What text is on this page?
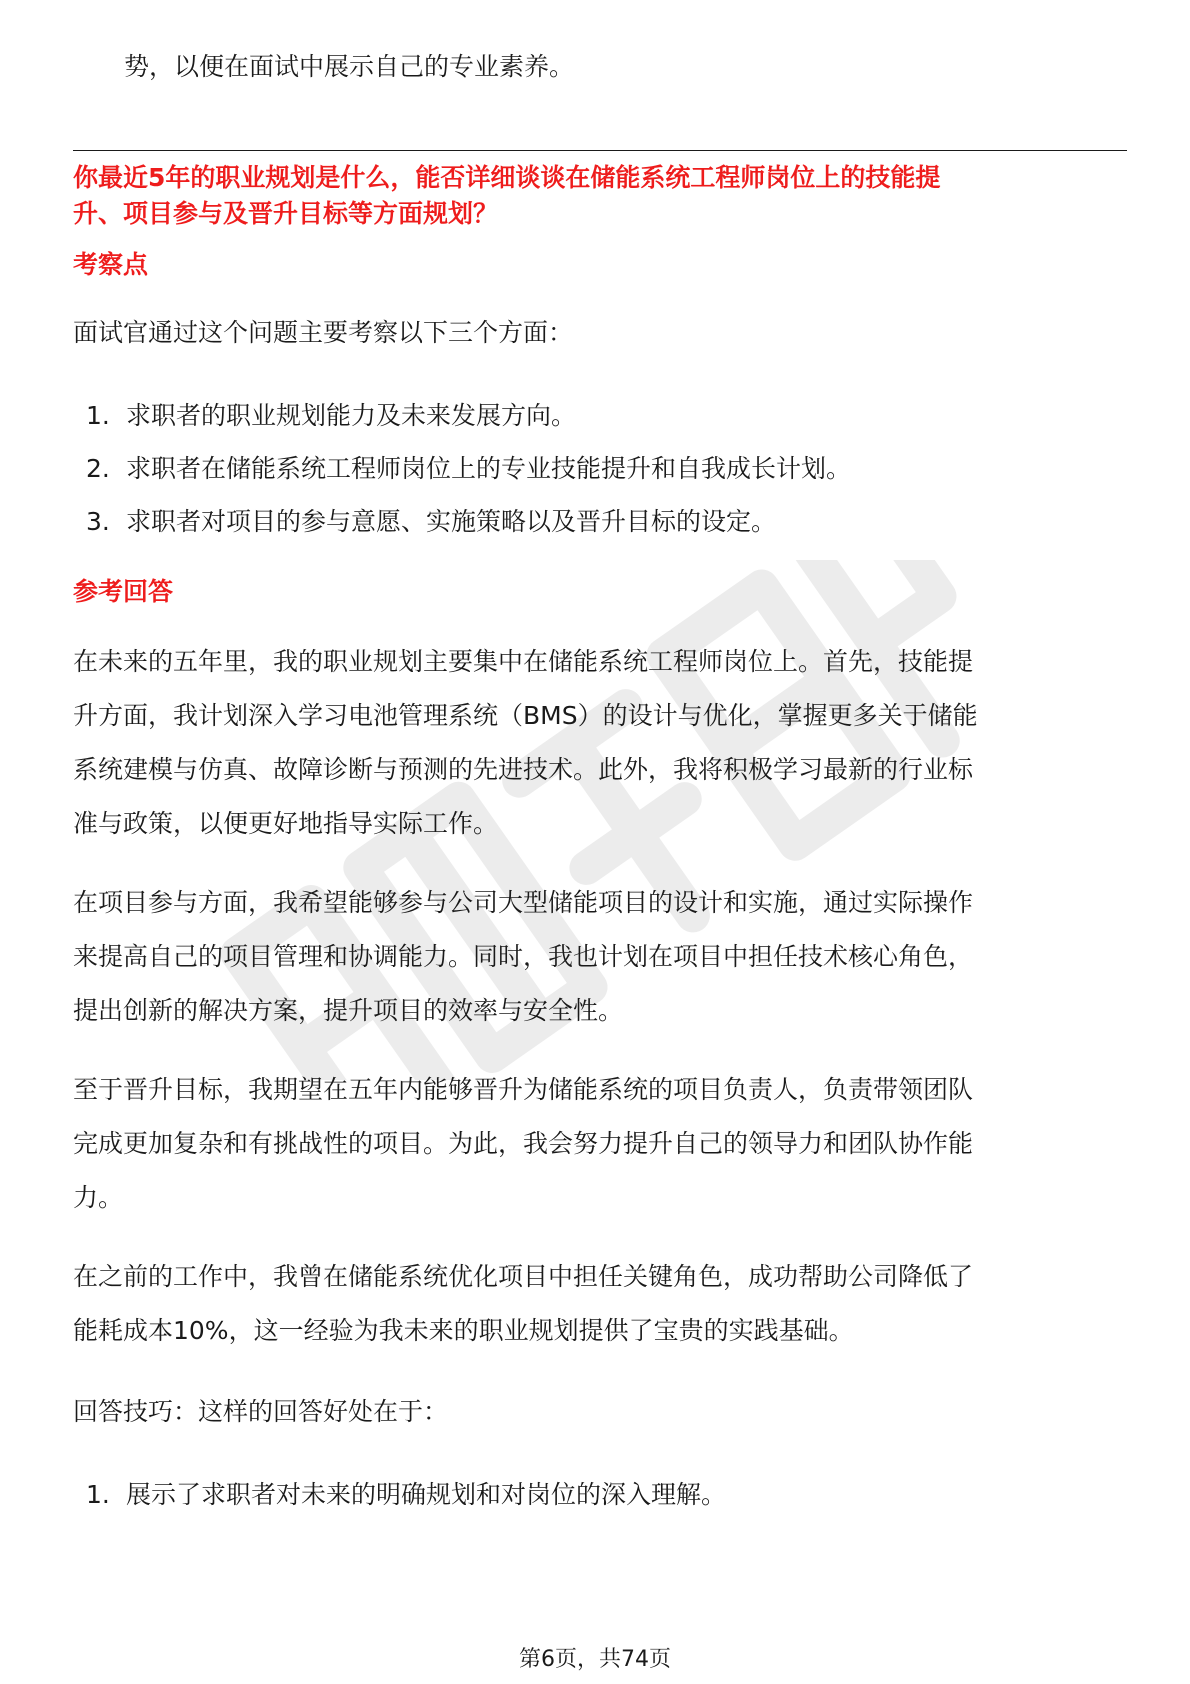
势，以便在面试中展示自己的专业素养。
你最近5年的职业规划是什么，能否详细谈谈在储能系统工程师岗位上的技能提
升、项目参与及晋升目标等方面规划？
考察点
面试官通过这个问题主要考察以下三个方面：
1. 求职者的职业规划能力及未来发展方向。
2. 求职者在储能系统工程师岗位上的专业技能提升和自我成长计划。
3. 求职者对项目的参与意愿、实施策略以及晋升目标的设定。
参考回答
在未来的五年里，我的职业规划主要集中在储能系统工程师岗位上。首先，技能提
升方面，我计划深入学习电池管理系统（BMS）的设计与优化，掌握更多关于储能
系统建模与仿真、故障诊断与预测的先进技术。此外，我将积极学习最新的行业标
准与政策，以便更好地指导实际工作。
在项目参与方面，我希望能够参与公司大型储能项目的设计和实施，通过实际操作
来提高自己的项目管理和协调能力。同时，我也计划在项目中担任技术核心角色，
提出创新的解决方案，提升项目的效率与安全性。
至于晋升目标，我期望在五年内能够晋升为储能系统的项目负责人，负责带领团队
完成更加复杂和有挑战性的项目。为此，我会努力提升自己的领导力和团队协作能
力。
在之前的工作中，我曾在储能系统优化项目中担任关键角色，成功帮助公司降低了
能耗成本10%，这一经验为我未来的职业规划提供了宝贵的实践基础。
回答技巧：这样的回答好处在于：
1. 展示了求职者对未来的明确规划和对岗位的深入理解。
第6页，共74页
